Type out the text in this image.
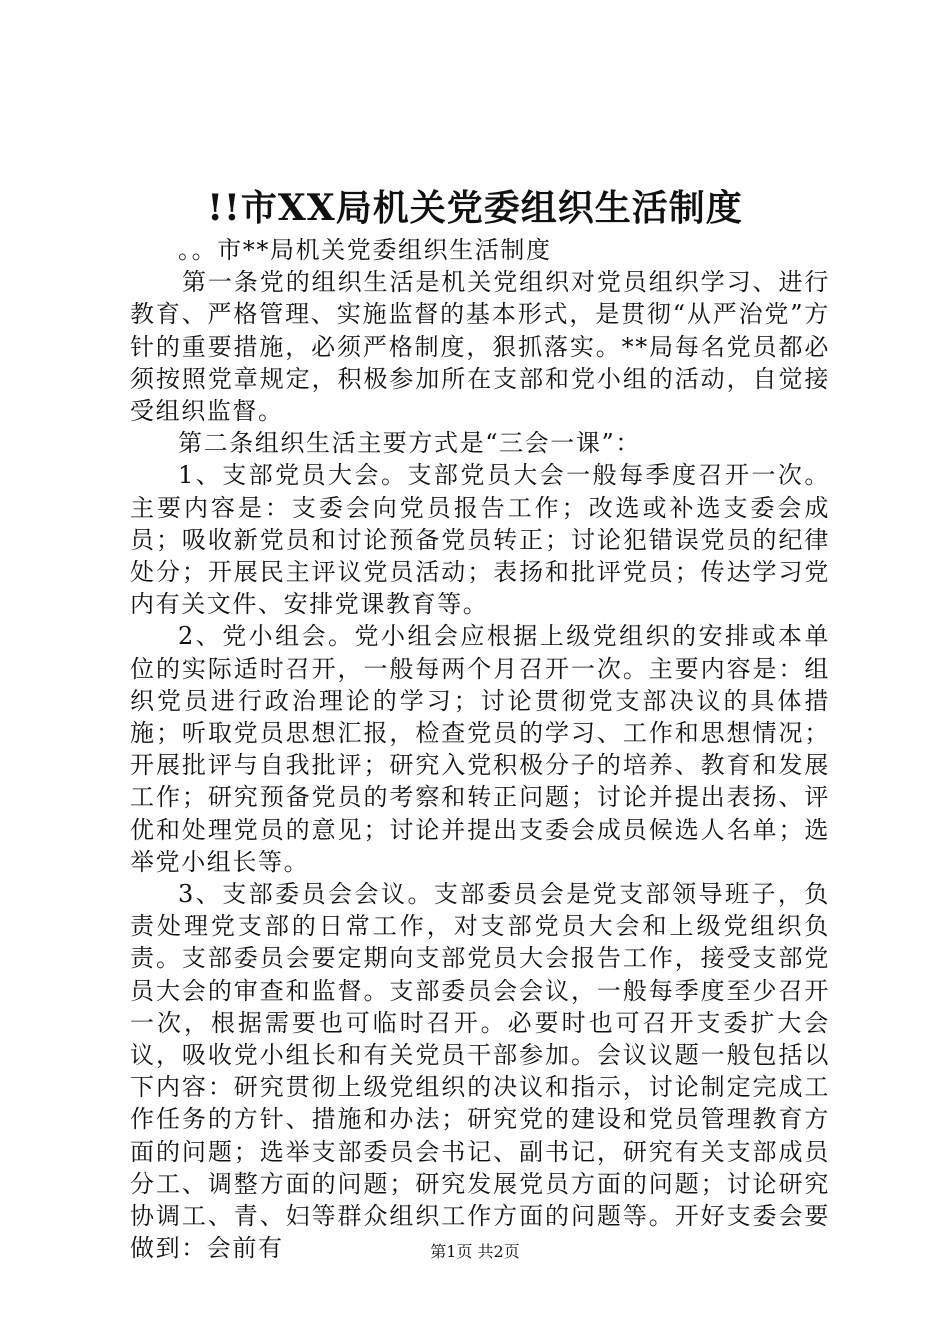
!!市XX局机关党委组织生活制度

。。市**局机关党委组织生活制度

第一条党的组织生活是机关党组织对党员组织学习、进行教育、严格管理、实施监督的基本形式，是贯彻“从严治党”方针的重要措施，必须严格制度，狠抓落实。**局每名党员都必须按照党章规定，积极参加所在支部和党小组的活动，自觉接受组织监督。

第二条组织生活主要方式是“三会一课”：

1、支部党员大会。支部党员大会一般每季度召开一次。主要内容是：支委会向党员报告工作；改选或补选支委会成员；吸收新党员和讨论预备党员转正；讨论犯错误党员的纪律处分；开展民主评议党员活动；表扬和批评党员；传达学习党内有关文件、安排党课教育等。

2、党小组会。党小组会应根据上级党组织的安排或本单位的实际适时召开，一般每两个月召开一次。主要内容是：组织党员进行政治理论的学习；讨论贯彻党支部决议的具体措施；听取党员思想汇报，检查党员的学习、工作和思想情况；开展批评与自我批评；研究入党积极分子的培养、教育和发展工作；研究预备党员的考察和转正问题；讨论并提出表扬、评优和处理党员的意见；讨论并提出支委会成员候选人名单；选举党小组长等。

3、支部委员会会议。支部委员会是党支部领导班子，负责处理党支部的日常工作，对支部党员大会和上级党组织负责。支部委员会要定期向支部党员大会报告工作，接受支部党员大会的审查和监督。支部委员会会议，一般每季度至少召开一次，根据需要也可临时召开。必要时也可召开支委扩大会议，吸收党小组长和有关党员干部参加。会议议题一般包括以下内容：研究贯彻上级党组织的决议和指示，讨论制定完成工作任务的方针、措施和办法；研究党的建设和党员管理教育方面的问题；选举支部委员会书记、副书记，研究有关支部成员分工、调整方面的问题；研究发展党员方面的问题；讨论研究协调工、青、妇等群众组织工作方面的问题等。开好支委会要做到：会前有	第1页 共2页
